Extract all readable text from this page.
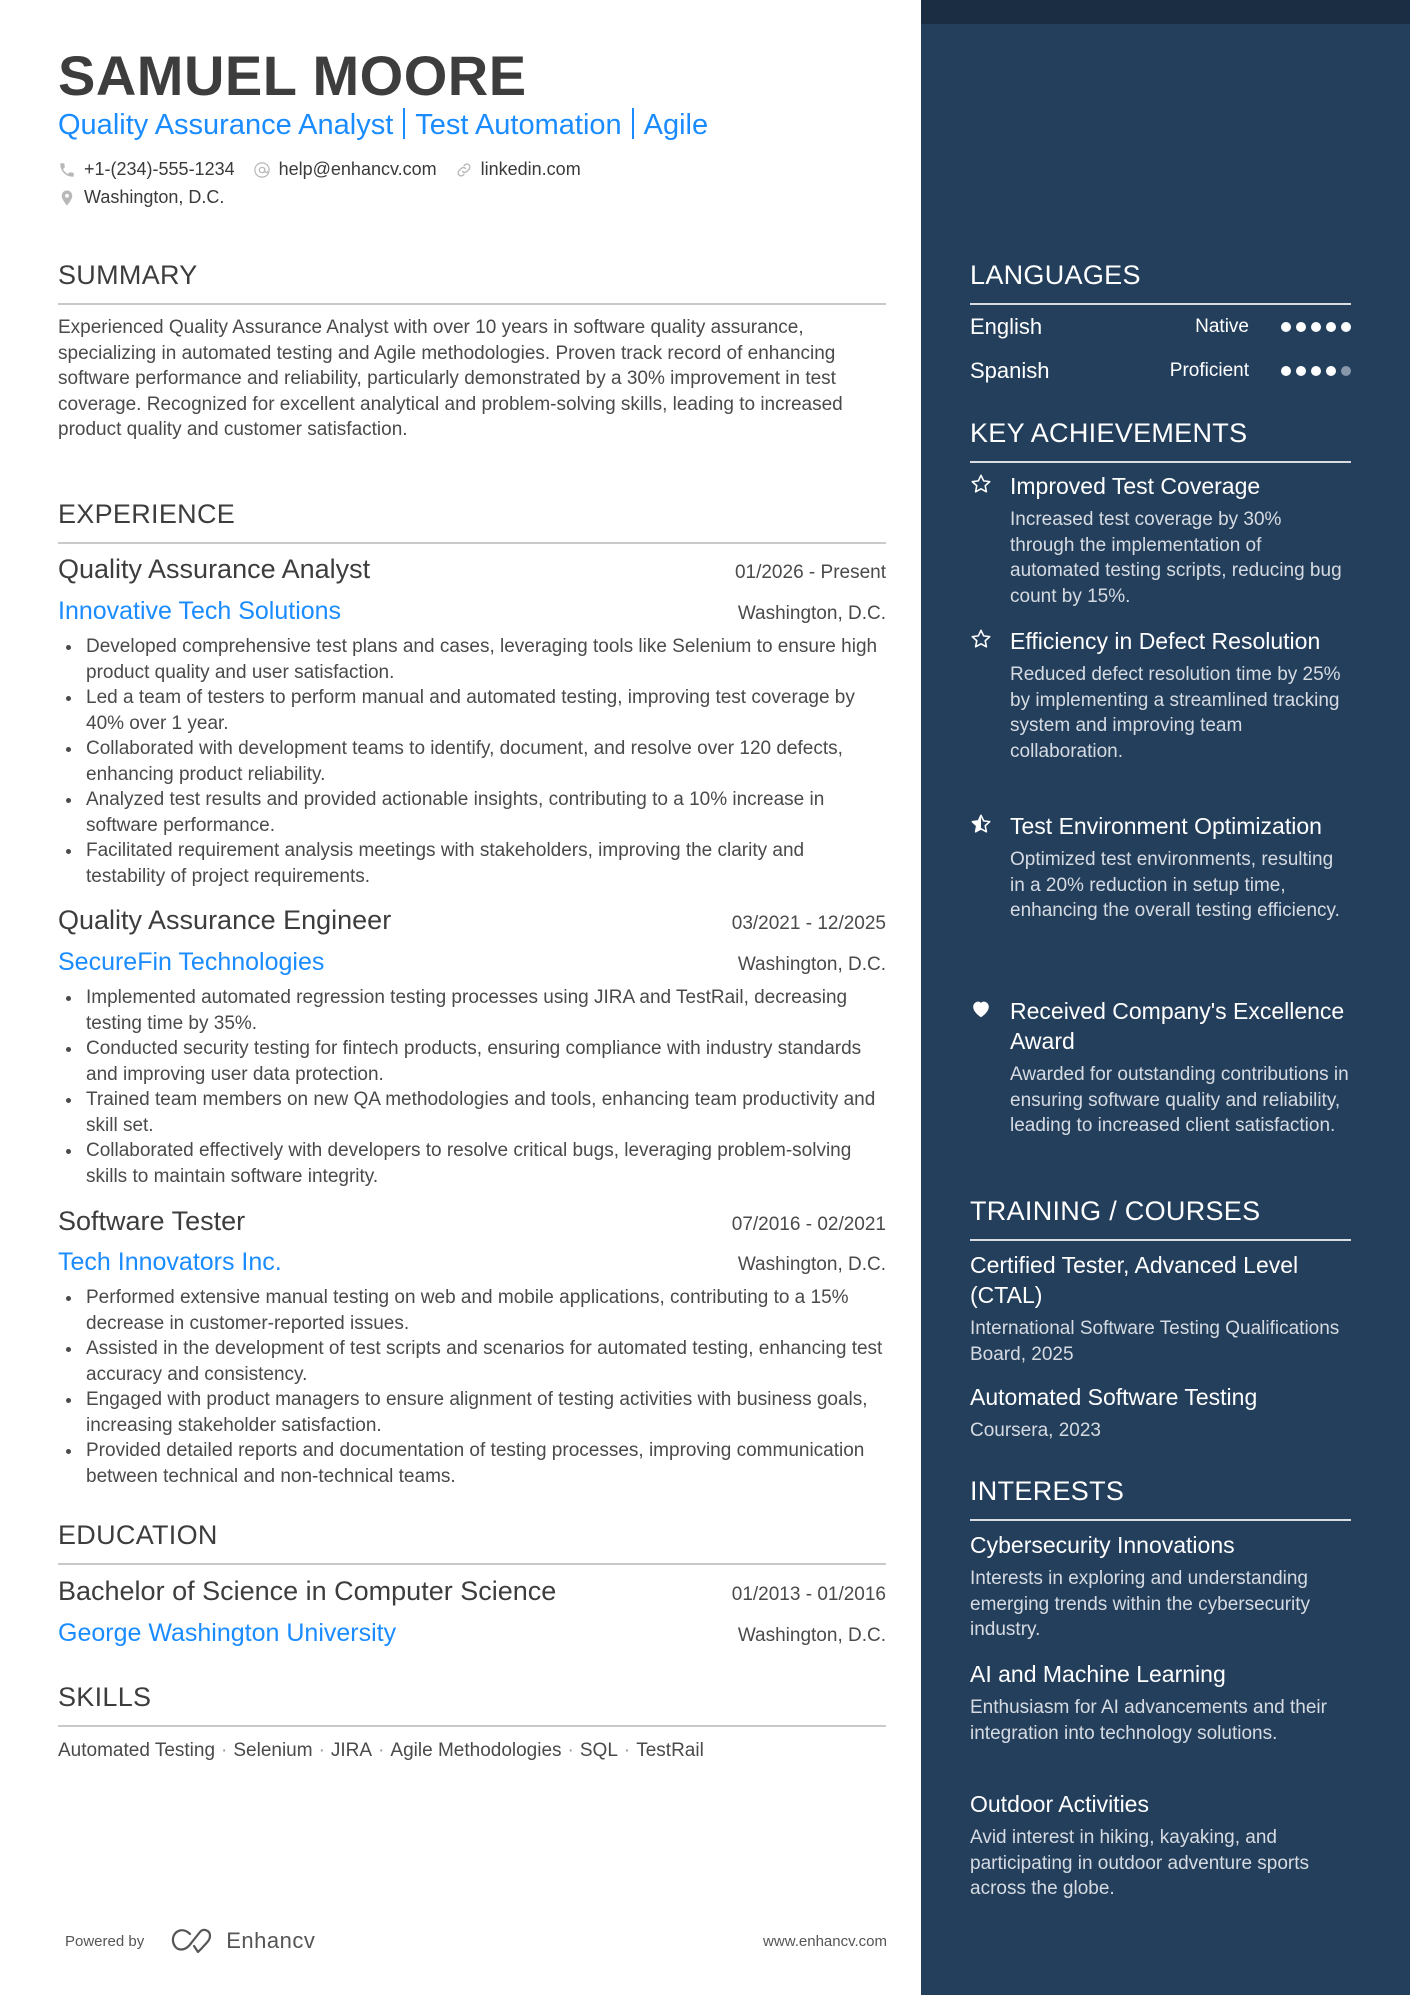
SAMUEL MOORE
Quality Assurance Analyst Test Automation Agile
+1-(234)-555-1234 help@enhancv.com linkedin.com
Washington, D.C.
SUMMARY
Experienced Quality Assurance Analyst with over 10 years in software quality assurance, specializing in automated testing and Agile methodologies. Proven track record of enhancing software performance and reliability, particularly demonstrated by a 30% improvement in test coverage. Recognized for excellent analytical and problem-solving skills, leading to increased product quality and customer satisfaction.
EXPERIENCE
Quality Assurance Analyst	01/2026 - Present
Innovative Tech Solutions	Washington, D.C.
Developed comprehensive test plans and cases, leveraging tools like Selenium to ensure high product quality and user satisfaction.
Led a team of testers to perform manual and automated testing, improving test coverage by 40% over 1 year.
Collaborated with development teams to identify, document, and resolve over 120 defects, enhancing product reliability.
Analyzed test results and provided actionable insights, contributing to a 10% increase in software performance.
Facilitated requirement analysis meetings with stakeholders, improving the clarity and testability of project requirements.
Quality Assurance Engineer	03/2021 - 12/2025
SecureFin Technologies	Washington, D.C.
Implemented automated regression testing processes using JIRA and TestRail, decreasing testing time by 35%.
Conducted security testing for fintech products, ensuring compliance with industry standards and improving user data protection.
Trained team members on new QA methodologies and tools, enhancing team productivity and skill set.
Collaborated effectively with developers to resolve critical bugs, leveraging problem-solving skills to maintain software integrity.
Software Tester	07/2016 - 02/2021
Tech Innovators Inc.	Washington, D.C.
Performed extensive manual testing on web and mobile applications, contributing to a 15% decrease in customer-reported issues.
Assisted in the development of test scripts and scenarios for automated testing, enhancing test accuracy and consistency.
Engaged with product managers to ensure alignment of testing activities with business goals, increasing stakeholder satisfaction.
Provided detailed reports and documentation of testing processes, improving communication between technical and non-technical teams.
EDUCATION
Bachelor of Science in Computer Science	01/2013 - 01/2016
George Washington University	Washington, D.C.
SKILLS
Automated Testing · Selenium · JIRA · Agile Methodologies · SQL · TestRail
Powered by	Enhancv	www.enhancv.com
LANGUAGES
English	Native
Spanish	Proficient
KEY ACHIEVEMENTS
Improved Test Coverage
Increased test coverage by 30% through the implementation of automated testing scripts, reducing bug count by 15%.
Efficiency in Defect Resolution
Reduced defect resolution time by 25% by implementing a streamlined tracking system and improving team collaboration.
Test Environment Optimization
Optimized test environments, resulting in a 20% reduction in setup time, enhancing the overall testing efficiency.
Received Company's Excellence Award
Awarded for outstanding contributions in ensuring software quality and reliability, leading to increased client satisfaction.
TRAINING / COURSES
Certified Tester, Advanced Level (CTAL)
International Software Testing Qualifications Board, 2025
Automated Software Testing
Coursera, 2023
INTERESTS
Cybersecurity Innovations
Interests in exploring and understanding emerging trends within the cybersecurity industry.
AI and Machine Learning
Enthusiasm for AI advancements and their integration into technology solutions.
Outdoor Activities
Avid interest in hiking, kayaking, and participating in outdoor adventure sports across the globe.
